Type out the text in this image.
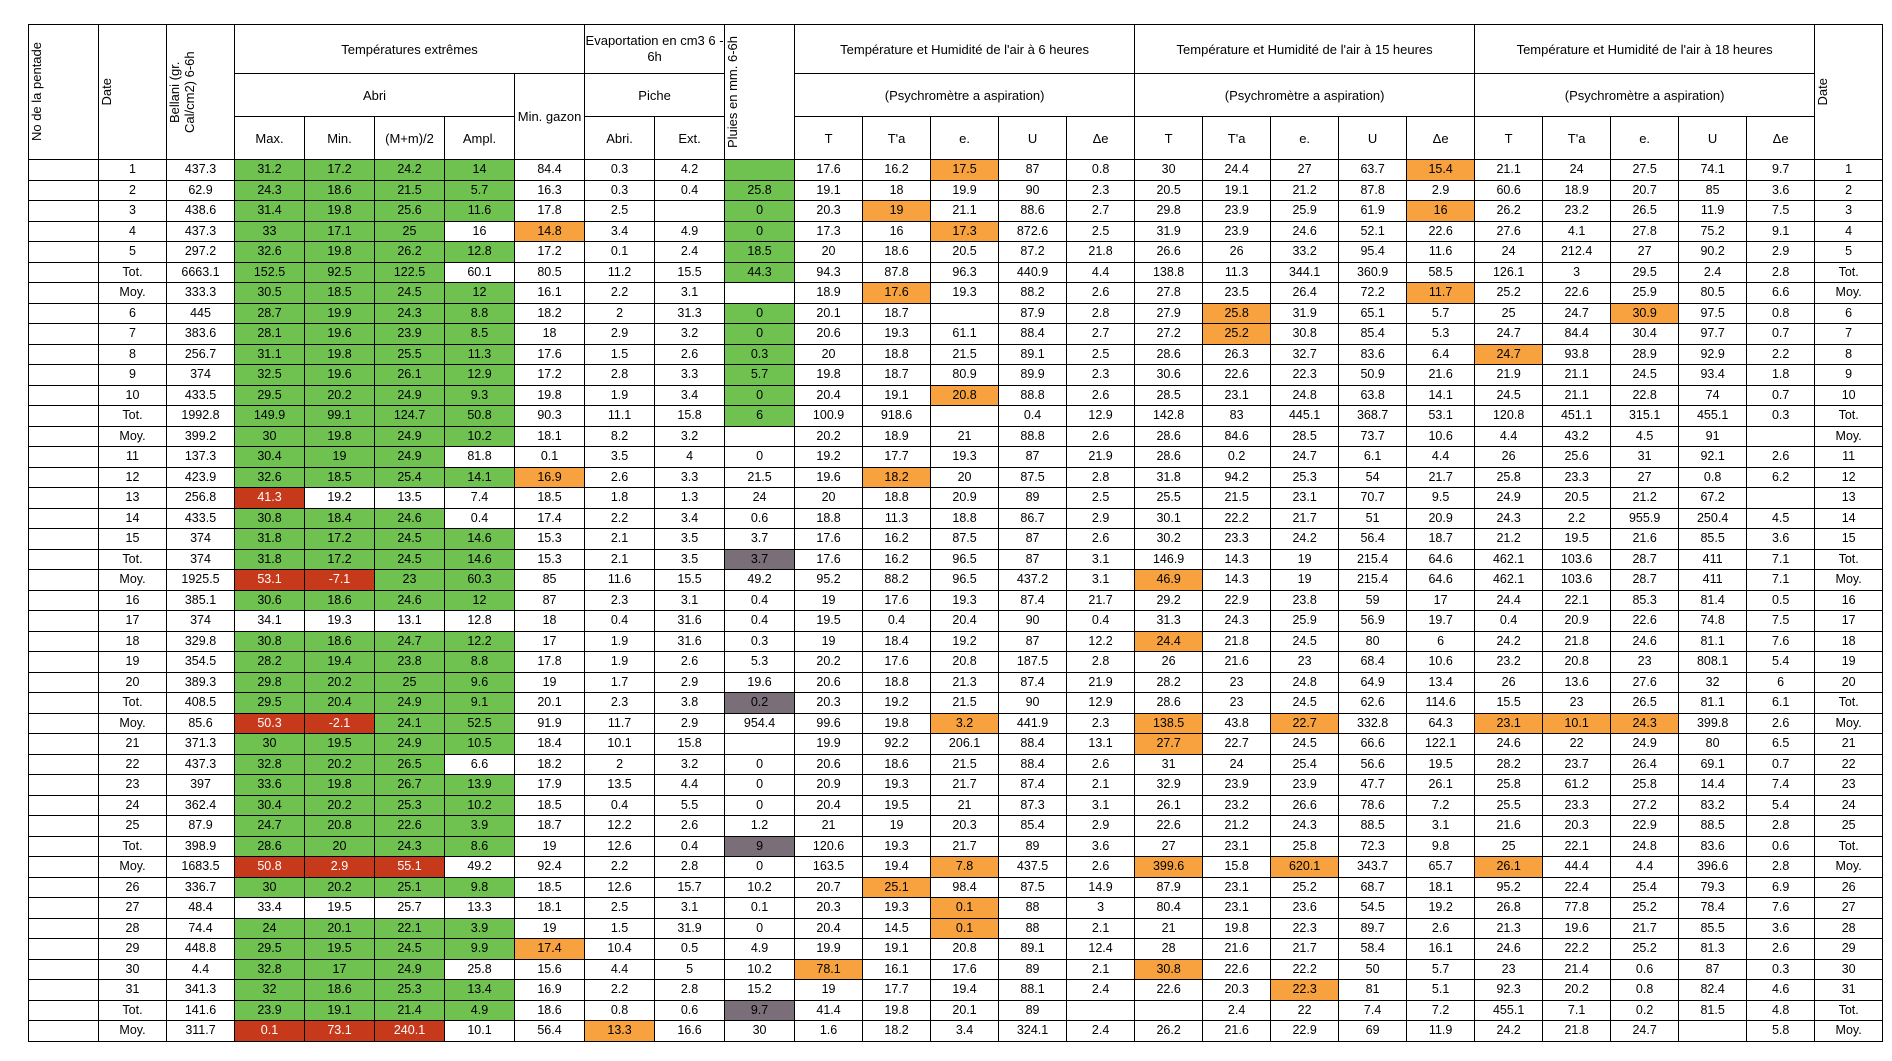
No de la pentade	Date	Bellani (gr. Cal/cm2) 6-6h	Températures extrêmes					Evaportation en cm3 6 - 6h		Pluies en mm. 6-6h	Température et Humidité de l'air à 6 heures					Température et Humidité de l'air à 15 heures					Température et Humidité de l'air à 18 heures					Date

			Abri				Min. gazon	Piche			(Psychromètre a aspiration)					(Psychromètre a aspiration)					(Psychromètre a aspiration)					
			Max.	Min.	(M+m)/2	Ampl.		Abri.	Ext.		T	T'a	e.	U	Δe	T	T'a	e.	U	Δe	T	T'a	e.	U	Δe	
	1	437.3	31.2	17.2	24.2	14	84.4	0.3	4.2		17.6	16.2	17.5	87	0.8	30	24.4	27	63.7	15.4	21.1	24	27.5	74.1	9.7	1
	2	62.9	24.3	18.6	21.5	5.7	16.3	0.3	0.4	25.8	19.1	18	19.9	90	2.3	20.5	19.1	21.2	87.8	2.9	60.6	18.9	20.7	85	3.6	2
	3	438.6	31.4	19.8	25.6	11.6	17.8	2.5		0	20.3	19	21.1	88.6	2.7	29.8	23.9	25.9	61.9	16	26.2	23.2	26.5	11.9	7.5	3
	4	437.3	33	17.1	25	16	14.8	3.4	4.9	0	17.3	16	17.3	872.6	2.5	31.9	23.9	24.6	52.1	22.6	27.6	4.1	27.8	75.2	9.1	4
	5	297.2	32.6	19.8	26.2	12.8	17.2	0.1	2.4	18.5	20	18.6	20.5	87.2	21.8	26.6	26	33.2	95.4	11.6	24	212.4	27	90.2	2.9	5
	Tot.	6663.1	152.5	92.5	122.5	60.1	80.5	11.2	15.5	44.3	94.3	87.8	96.3	440.9	4.4	138.8	11.3	344.1	360.9	58.5	126.1	3	29.5	2.4	2.8	Tot.
	Moy.	333.3	30.5	18.5	24.5	12	16.1	2.2	3.1		18.9	17.6	19.3	88.2	2.6	27.8	23.5	26.4	72.2	11.7	25.2	22.6	25.9	80.5	6.6	Moy.
	6	445	28.7	19.9	24.3	8.8	18.2	2	31.3	0	20.1	18.7		87.9	2.8	27.9	25.8	31.9	65.1	5.7	25	24.7	30.9	97.5	0.8	6
	7	383.6	28.1	19.6	23.9	8.5	18	2.9	3.2	0	20.6	19.3	61.1	88.4	2.7	27.2	25.2	30.8	85.4	5.3	24.7	84.4	30.4	97.7	0.7	7
	8	256.7	31.1	19.8	25.5	11.3	17.6	1.5	2.6	0.3	20	18.8	21.5	89.1	2.5	28.6	26.3	32.7	83.6	6.4	24.7	93.8	28.9	92.9	2.2	8
	9	374	32.5	19.6	26.1	12.9	17.2	2.8	3.3	5.7	19.8	18.7	80.9	89.9	2.3	30.6	22.6	22.3	50.9	21.6	21.9	21.1	24.5	93.4	1.8	9
	10	433.5	29.5	20.2	24.9	9.3	19.8	1.9	3.4	0	20.4	19.1	20.8	88.8	2.6	28.5	23.1	24.8	63.8	14.1	24.5	21.1	22.8	74	0.7	10
	Tot.	1992.8	149.9	99.1	124.7	50.8	90.3	11.1	15.8	6	100.9	918.6		0.4	12.9	142.8	83	445.1	368.7	53.1	120.8	451.1	315.1	455.1	0.3	Tot.
	Moy.	399.2	30	19.8	24.9	10.2	18.1	8.2	3.2		20.2	18.9	21	88.8	2.6	28.6	84.6	28.5	73.7	10.6	4.4	43.2	4.5	91		Moy.
	11	137.3	30.4	19	24.9	81.8	0.1	3.5	4	0	19.2	17.7	19.3	87	21.9	28.6	0.2	24.7	6.1	4.4	26	25.6	31	92.1	2.6	11
	12	423.9	32.6	18.5	25.4	14.1	16.9	2.6	3.3	21.5	19.6	18.2	20	87.5	2.8	31.8	94.2	25.3	54	21.7	25.8	23.3	27	0.8	6.2	12
	13	256.8	41.3	19.2	13.5	7.4	18.5	1.8	1.3	24	20	18.8	20.9	89	2.5	25.5	21.5	23.1	70.7	9.5	24.9	20.5	21.2	67.2		13
	14	433.5	30.8	18.4	24.6	0.4	17.4	2.2	3.4	0.6	18.8	11.3	18.8	86.7	2.9	30.1	22.2	21.7	51	20.9	24.3	2.2	955.9	250.4	4.5	14
	15	374	31.8	17.2	24.5	14.6	15.3	2.1	3.5	3.7	17.6	16.2	87.5	87	2.6	30.2	23.3	24.2	56.4	18.7	21.2	19.5	21.6	85.5	3.6	15
	Tot.	374	31.8	17.2	24.5	14.6	15.3	2.1	3.5	3.7	17.6	16.2	96.5	87	3.1	146.9	14.3	19	215.4	64.6	462.1	103.6	28.7	411	7.1	Tot.
	Moy.	1925.5	53.1	-7.1	23	60.3	85	11.6	15.5	49.2	95.2	88.2	96.5	437.2	3.1	46.9	14.3	19	215.4	64.6	462.1	103.6	28.7	411	7.1	Moy.
	16	385.1	30.6	18.6	24.6	12	87	2.3	3.1	0.4	19	17.6	19.3	87.4	21.7	29.2	22.9	23.8	59	17	24.4	22.1	85.3	81.4	0.5	16
	17	374	34.1	19.3	13.1	12.8	18	0.4	31.6	0.4	19.5	0.4	20.4	90	0.4	31.3	24.3	25.9	56.9	19.7	0.4	20.9	22.6	74.8	7.5	17
	18	329.8	30.8	18.6	24.7	12.2	17	1.9	31.6	0.3	19	18.4	19.2	87	12.2	24.4	21.8	24.5	80	6	24.2	21.8	24.6	81.1	7.6	18
	19	354.5	28.2	19.4	23.8	8.8	17.8	1.9	2.6	5.3	20.2	17.6	20.8	187.5	2.8	26	21.6	23	68.4	10.6	23.2	20.8	23	808.1	5.4	19
	20	389.3	29.8	20.2	25	9.6	19	1.7	2.9	19.6	20.6	18.8	21.3	87.4	21.9	28.2	23	24.8	64.9	13.4	26	13.6	27.6	32	6	20
	Tot.	408.5	29.5	20.4	24.9	9.1	20.1	2.3	3.8	0.2	20.3	19.2	21.5	90	12.9	28.6	23	24.5	62.6	114.6	15.5	23	26.5	81.1	6.1	Tot.
	Moy.	85.6	50.3	-2.1	24.1	52.5	91.9	11.7	2.9	954.4	99.6	19.8	3.2	441.9	2.3	138.5	43.8	22.7	332.8	64.3	23.1	10.1	24.3	399.8	2.6	Moy.
	21	371.3	30	19.5	24.9	10.5	18.4	10.1	15.8		19.9	92.2	206.1	88.4	13.1	27.7	22.7	24.5	66.6	122.1	24.6	22	24.9	80	6.5	21
	22	437.3	32.8	20.2	26.5	6.6	18.2	2	3.2	0	20.6	18.6	21.5	88.4	2.6	31	24	25.4	56.6	19.5	28.2	23.7	26.4	69.1	0.7	22
	23	397	33.6	19.8	26.7	13.9	17.9	13.5	4.4	0	20.9	19.3	21.7	87.4	2.1	32.9	23.9	23.9	47.7	26.1	25.8	61.2	25.8	14.4	7.4	23
	24	362.4	30.4	20.2	25.3	10.2	18.5	0.4	5.5	0	20.4	19.5	21	87.3	3.1	26.1	23.2	26.6	78.6	7.2	25.5	23.3	27.2	83.2	5.4	24
	25	87.9	24.7	20.8	22.6	3.9	18.7	12.2	2.6	1.2	21	19	20.3	85.4	2.9	22.6	21.2	24.3	88.5	3.1	21.6	20.3	22.9	88.5	2.8	25
	Tot.	398.9	28.6	20	24.3	8.6	19	12.6	0.4	9	120.6	19.3	21.7	89	3.6	27	23.1	25.8	72.3	9.8	25	22.1	24.8	83.6	0.6	Tot.
	Moy.	1683.5	50.8	2.9	55.1	49.2	92.4	2.2	2.8	0	163.5	19.4	7.8	437.5	2.6	399.6	15.8	620.1	343.7	65.7	26.1	44.4	4.4	396.6	2.8	Moy.
	26	336.7	30	20.2	25.1	9.8	18.5	12.6	15.7	10.2	20.7	25.1	98.4	87.5	14.9	87.9	23.1	25.2	68.7	18.1	95.2	22.4	25.4	79.3	6.9	26
	27	48.4	33.4	19.5	25.7	13.3	18.1	2.5	3.1	0.1	20.3	19.3	0.1	88	3	80.4	23.1	23.6	54.5	19.2	26.8	77.8	25.2	78.4	7.6	27
	28	74.4	24	20.1	22.1	3.9	19	1.5	31.9	0	20.4	14.5	0.1	88	2.1	21	19.8	22.3	89.7	2.6	21.3	19.6	21.7	85.5	3.6	28
	29	448.8	29.5	19.5	24.5	9.9	17.4	10.4	0.5	4.9	19.9	19.1	20.8	89.1	12.4	28	21.6	21.7	58.4	16.1	24.6	22.2	25.2	81.3	2.6	29
	30	4.4	32.8	17	24.9	25.8	15.6	4.4	5	10.2	78.1	16.1	17.6	89	2.1	30.8	22.6	22.2	50	5.7	23	21.4	0.6	87	0.3	30
	31	341.3	32	18.6	25.3	13.4	16.9	2.2	2.8	15.2	19	17.7	19.4	88.1	2.4	22.6	20.3	22.3	81	5.1	92.3	20.2	0.8	82.4	4.6	31
	Tot.	141.6	23.9	19.1	21.4	4.9	18.6	0.8	0.6	9.7	41.4	19.8	20.1	89			2.4	22	7.4	7.2	455.1	7.1	0.2	81.5	4.8	Tot.
	Moy.	311.7	0.1	73.1	240.1	10.1	56.4	13.3	16.6	30	1.6	18.2	3.4	324.1	2.4	26.2	21.6	22.9	69	11.9	24.2	21.8	24.7		5.8	Moy.
